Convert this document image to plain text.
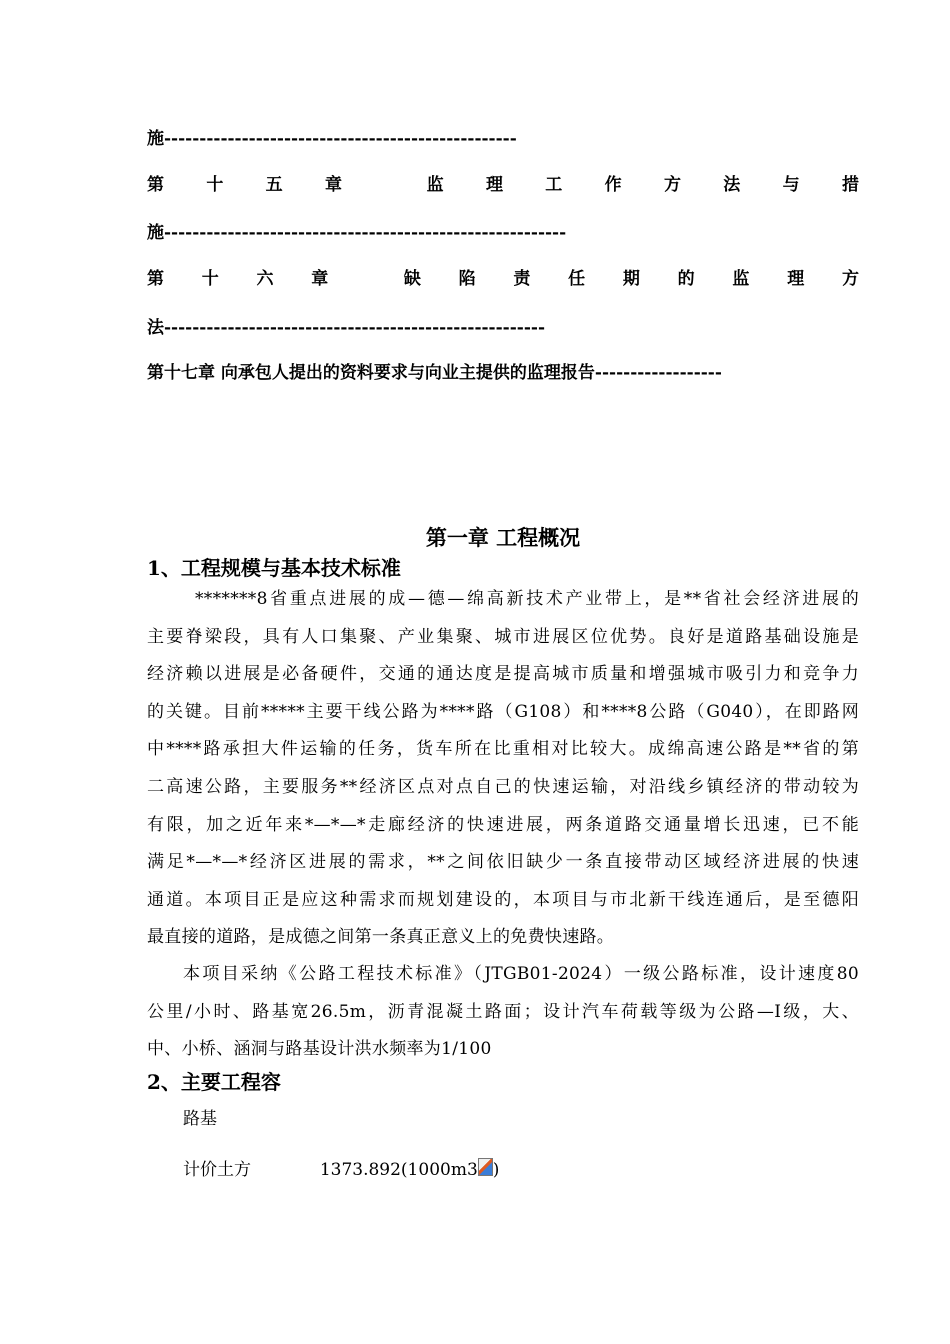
施--------------------------------------------------
第 十 五 章	监 理 工 作 方 法 与 措
施---------------------------------------------------------
第 十 六 章	缺 陷 责 任 期 的 监 理 方
法------------------------------------------------------
第十七章 向承包人提出的资料要求与向业主提供的监理报告------------------
第一章 工程概况
1、工程规模与基本技术标准
*******8省重点进展的成—德—绵高新技术产业带上，是**省社会经济进展的
主要脊梁段，具有人口集聚、产业集聚、城市进展区位优势。良好是道路基础设施是
经济赖以进展是必备硬件，交通的通达度是提高城市质量和增强城市吸引力和竞争力
的关键。目前*****主要干线公路为****路（G108）和****8公路（G040），在即路网
中****路承担大件运输的任务，货车所在比重相对比较大。成绵高速公路是**省的第
二高速公路，主要服务**经济区点对点自己的快速运输，对沿线乡镇经济的带动较为
有限，加之近年来*—*—*走廊经济的快速进展，两条道路交通量增长迅速，已不能
满足*—*—*经济区进展的需求，**之间依旧缺少一条直接带动区域经济进展的快速
通道。本项目正是应这种需求而规划建设的，本项目与市北新干线连通后，是至德阳
最直接的道路，是成德之间第一条真正意义上的免费快速路。
本项目采纳《公路工程技术标准》（JTGB01-2024）一级公路标准，设计速度80
公里/小时、路基宽26.5m，沥青混凝土路面；设计汽车荷载等级为公路—I级，大、
中、小桥、涵洞与路基设计洪水频率为1/100
2、主要工程容
路基
计价土方	1373.892(1000m3 )
